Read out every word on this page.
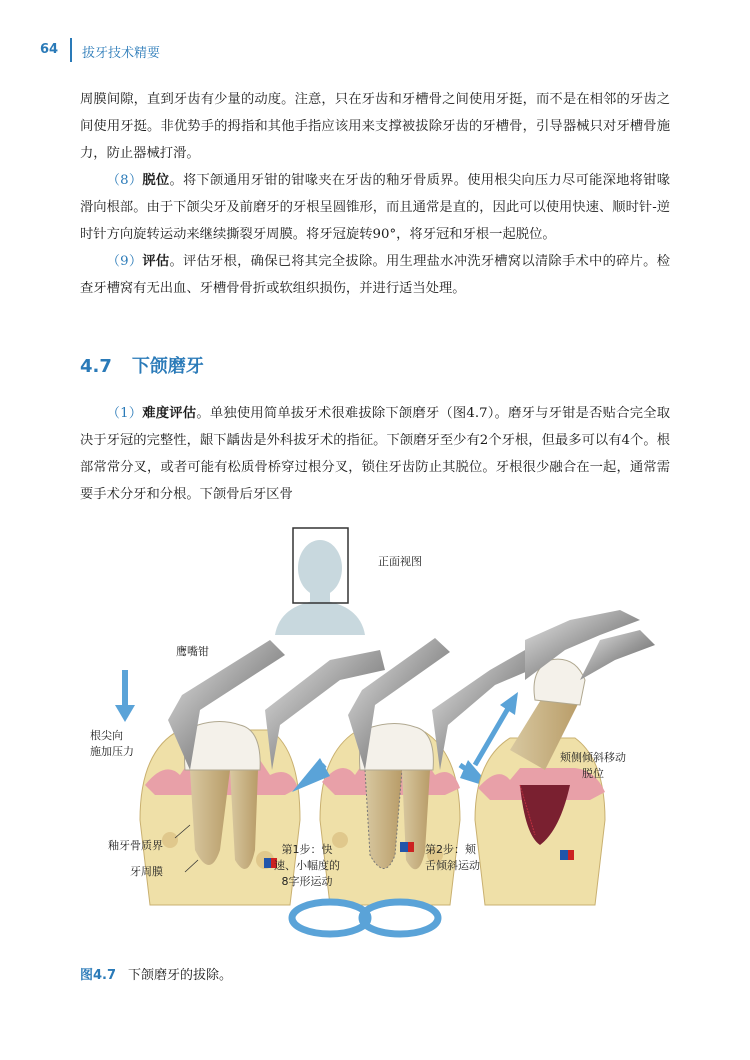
64 拔牙技术精要

周膜间隙，直到牙齿有少量的动度。注意，只在牙齿和牙槽骨之间使用牙挺，而不是在相邻的牙齿之间使用牙挺。非优势手的拇指和其他手指应该用来支撑被拔除牙齿的牙槽骨，引导器械只对牙槽骨施力，防止器械打滑。

（8）脱位。将下颌通用牙钳的钳喙夹在牙齿的釉牙骨质界。使用根尖向压力尽可能深地将钳喙滑向根部。由于下颌尖牙及前磨牙的牙根呈圆锥形，而且通常是直的，因此可以使用快速、顺时针-逆时针方向旋转运动来继续撕裂牙周膜。将牙冠旋转90°，将牙冠和牙根一起脱位。

（9）评估。评估牙根，确保已将其完全拔除。用生理盐水冲洗牙槽窝以清除手术中的碎片。检查牙槽窝有无出血、牙槽骨骨折或软组织损伤，并进行适当处理。

4.7 下颌磨牙

（1）难度评估。单独使用简单拔牙术很难拔除下颌磨牙（图4.7）。磨牙与牙钳是否贴合完全取决于牙冠的完整性，龈下龋齿是外科拔牙术的指征。下颌磨牙至少有2个牙根，但最多可以有4个。根部常常分叉，或者可能有松质骨桥穿过根分叉，锁住牙齿防止其脱位。牙根很少融合在一起，通常需要手术分牙和分根。下颌骨后牙区骨

正面视图
鹰嘴钳
根尖向
施加压力
釉牙骨质界
牙周膜
第1步：快
速、小幅度的
8字形运动
第2步：颊
舌倾斜运动
颊侧倾斜移动
脱位
图4.7 下颌磨牙的拔除。
